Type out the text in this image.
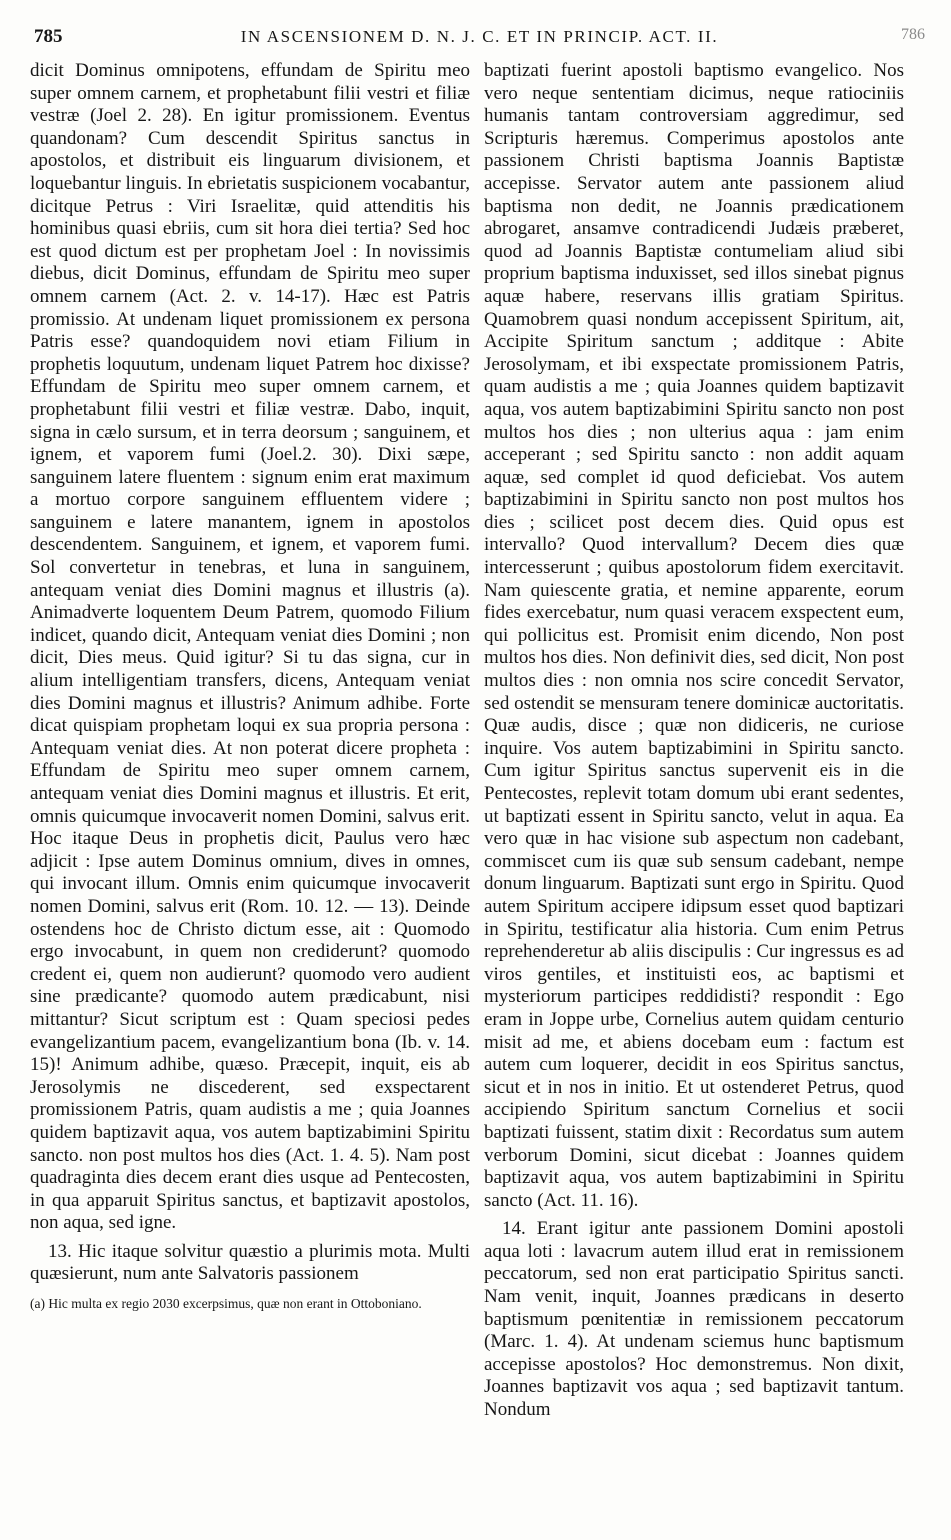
785	IN ASCENSIONEM D. N. J. C. ET IN PRINCIP. ACT. II.	786

dicit Dominus omnipotens, effundam de Spiritu meo super omnem carnem, et prophetabunt filii vestri et filiæ vestræ (Joel 2. 28). En igitur promissionem. Eventus quandonam? Cum descendit Spiritus sanctus in apostolos, et distribuit eis linguarum divisionem, et loquebantur linguis. In ebrietatis suspicionem vocabantur, dicitque Petrus : Viri Israelitæ, quid attenditis his hominibus quasi ebriis, cum sit hora diei tertia? Sed hoc est quod dictum est per prophetam Joel : In novissimis diebus, dicit Dominus, effundam de Spiritu meo super omnem carnem (Act. 2. v. 14-17). Hæc est Patris promissio. At undenam liquet promissionem ex persona Patris esse? quandoquidem novi etiam Filium in prophetis loquutum, undenam liquet Patrem hoc dixisse? Effundam de Spiritu meo super omnem carnem, et prophetabunt filii vestri et filiæ vestræ. Dabo, inquit, signa in cælo sursum, et in terra deorsum ; sanguinem, et ignem, et vaporem fumi (Joel.2. 30). Dixi sæpe, sanguinem latere fluentem : signum enim erat maximum a mortuo corpore sanguinem effluentem videre ; sanguinem e latere manantem, ignem in apostolos descendentem. Sanguinem, et ignem, et vaporem fumi. Sol convertetur in tenebras, et luna in sanguinem, antequam veniat dies Domini magnus et illustris (a). Animadverte loquentem Deum Patrem, quomodo Filium indicet, quando dicit, Antequam veniat dies Domini ; non dicit, Dies meus. Quid igitur? Si tu das signa, cur in alium intelligentiam transfers, dicens, Antequam veniat dies Domini magnus et illustris? Animum adhibe. Forte dicat quispiam prophetam loqui ex sua propria persona : Antequam veniat dies. At non poterat dicere propheta : Effundam de Spiritu meo super omnem carnem, antequam veniat dies Domini magnus et illustris. Et erit, omnis quicumque invocaverit nomen Domini, salvus erit. Hoc itaque Deus in prophetis dicit, Paulus vero hæc adjicit : Ipse autem Dominus omnium, dives in omnes, qui invocant illum. Omnis enim quicumque invocaverit nomen Domini, salvus erit (Rom. 10. 12. — 13). Deinde ostendens hoc de Christo dictum esse, ait : Quomodo ergo invocabunt, in quem non crediderunt? quomodo credent ei, quem non audierunt? quomodo vero audient sine prædicante? quomodo autem prædicabunt, nisi mittantur? Sicut scriptum est : Quam speciosi pedes evangelizantium pacem, evangelizantium bona (Ib. v. 14. 15)! Animum adhibe, quæso. Præcepit, inquit, eis ab Jerosolymis ne discederent, sed exspectarent promissionem Patris, quam audistis a me ; quia Joannes quidem baptizavit aqua, vos autem baptizabimini Spiritu sancto. non post multos hos dies (Act. 1. 4. 5). Nam post quadraginta dies decem erant dies usque ad Pentecosten, in qua apparuit Spiritus sanctus, et baptizavit apostolos, non aqua, sed igne.

13. Hic itaque solvitur quæstio a plurimis mota. Multi quæsierunt, num ante Salvatoris passionem

(a) Hic multa ex regio 2030 excerpsimus, quæ non erant in Ottoboniano.

baptizati fuerint apostoli baptismo evangelico. Nos vero neque sententiam dicimus, neque ratiociniis humanis tantam controversiam aggredimur, sed Scripturis hæremus. Comperimus apostolos ante passionem Christi baptisma Joannis Baptistæ accepisse. Servator autem ante passionem aliud baptisma non dedit, ne Joannis prædicationem abrogaret, ansamve contradicendi Judæis præberet, quod ad Joannis Baptistæ contumeliam aliud sibi proprium baptisma induxisset, sed illos sinebat pignus aquæ habere, reservans illis gratiam Spiritus. Quamobrem quasi nondum accepissent Spiritum, ait, Accipite Spiritum sanctum ; additque : Abite Jerosolymam, et ibi exspectate promissionem Patris, quam audistis a me ; quia Joannes quidem baptizavit aqua, vos autem baptizabimini Spiritu sancto non post multos hos dies ; non ulterius aqua : jam enim acceperant ; sed Spiritu sancto : non addit aquam aquæ, sed complet id quod deficiebat. Vos autem baptizabimini in Spiritu sancto non post multos hos dies ; scilicet post decem dies. Quid opus est intervallo? Quod intervallum? Decem dies quæ intercesserunt ; quibus apostolorum fidem exercitavit. Nam quiescente gratia, et nemine apparente, eorum fides exercebatur, num quasi veracem exspectent eum, qui pollicitus est. Promisit enim dicendo, Non post multos hos dies. Non definivit dies, sed dicit, Non post multos dies : non omnia nos scire concedit Servator, sed ostendit se mensuram tenere dominicæ auctoritatis. Quæ audis, disce ; quæ non didiceris, ne curiose inquire. Vos autem baptizabimini in Spiritu sancto. Cum igitur Spiritus sanctus supervenit eis in die Pentecostes, replevit totam domum ubi erant sedentes, ut baptizati essent in Spiritu sancto, velut in aqua. Ea vero quæ in hac visione sub aspectum non cadebant, commiscet cum iis quæ sub sensum cadebant, nempe donum linguarum. Baptizati sunt ergo in Spiritu. Quod autem Spiritum accipere idipsum esset quod baptizari in Spiritu, testificatur alia historia. Cum enim Petrus reprehenderetur ab aliis discipulis : Cur ingressus es ad viros gentiles, et instituisti eos, ac baptismi et mysteriorum participes reddidisti? respondit : Ego eram in Joppe urbe, Cornelius autem quidam centurio misit ad me, et abiens docebam eum : factum est autem cum loquerer, decidit in eos Spiritus sanctus, sicut et in nos in initio. Et ut ostenderet Petrus, quod accipiendo Spiritum sanctum Cornelius et socii baptizati fuissent, statim dixit : Recordatus sum autem verborum Domini, sicut dicebat : Joannes quidem baptizavit aqua, vos autem baptizabimini in Spiritu sancto (Act. 11. 16).

14. Erant igitur ante passionem Domini apostoli aqua loti : lavacrum autem illud erat in remissionem peccatorum, sed non erat participatio Spiritus sancti. Nam venit, inquit, Joannes prædicans in deserto baptismum pœnitentiæ in remissionem peccatorum (Marc. 1. 4). At undenam sciemus hunc baptismum accepisse apostolos? Hoc demonstremus. Non dixit, Joannes baptizavit vos aqua ; sed baptizavit tantum. Nondum
